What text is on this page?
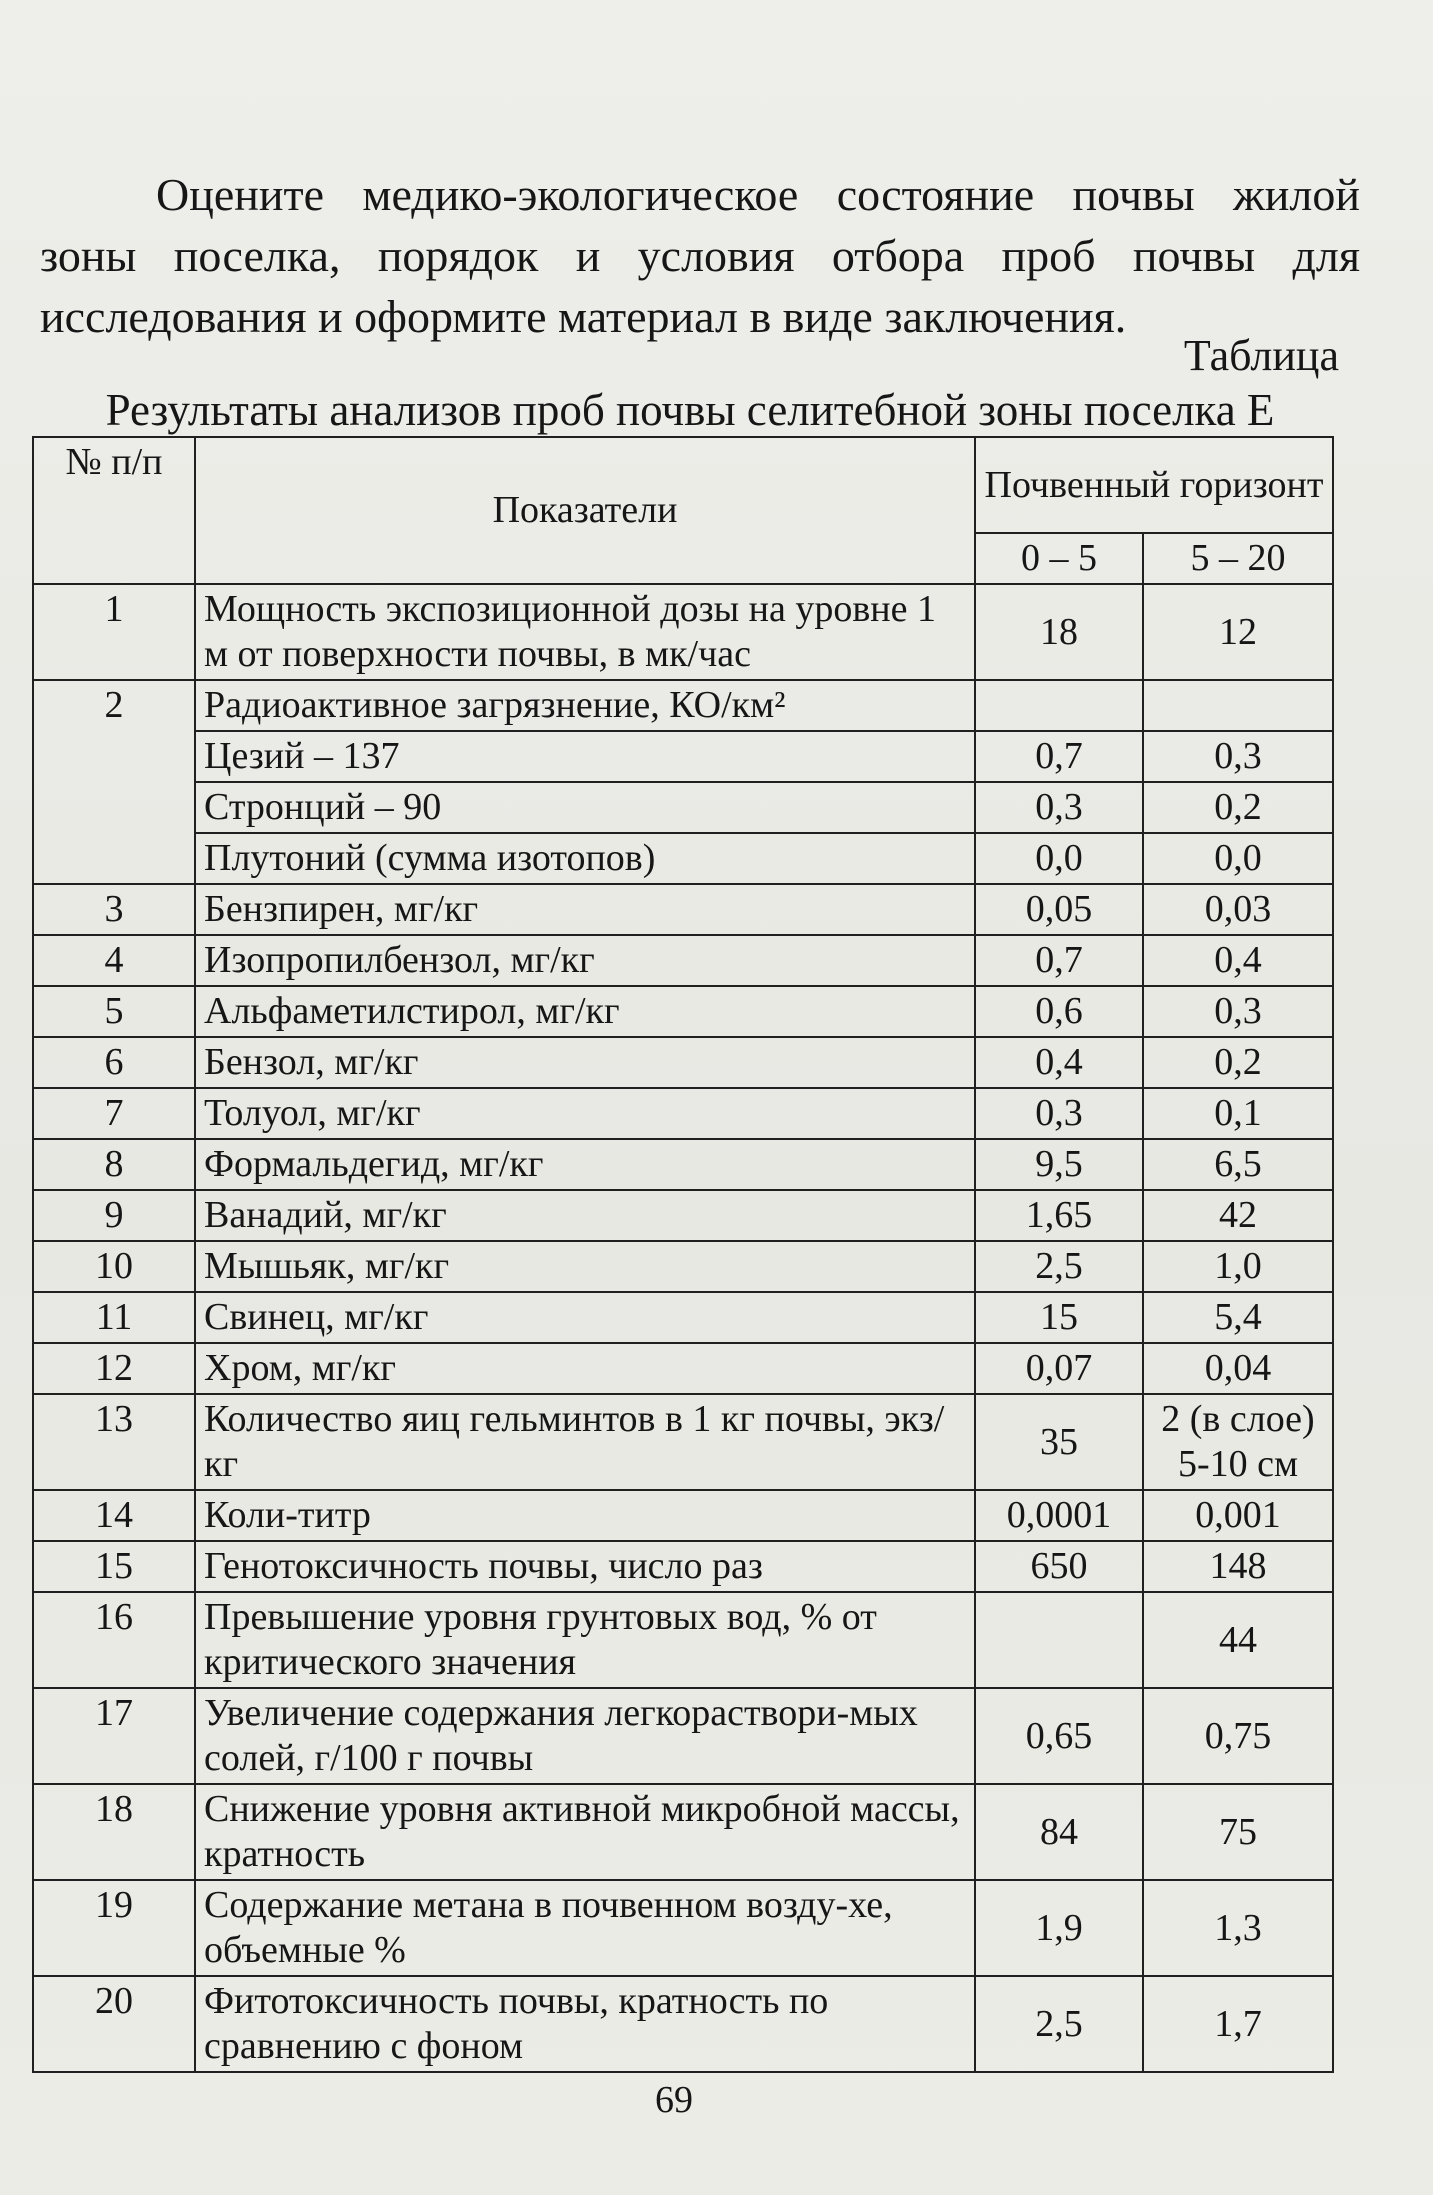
Оцените медико-экологическое состояние почвы жилой зоны поселка, порядок и условия отбора проб почвы для исследования и оформите материал в виде заключения.

Таблица
Результаты анализов проб почвы селитебной зоны поселка Е
№ п/п	Показатели	Почвенный горизонт	
		0 – 5	5 – 20
1	Мощность экспозиционной дозы на уровне 1 м от поверхности почвы, в мк/час	18	12
2	Радиоактивное загрязнение, КО/км²		
	Цезий – 137	0,7	0,3
	Стронций – 90	0,3	0,2
	Плутоний (сумма изотопов)	0,0	0,0
3	Бензпирен, мг/кг	0,05	0,03
4	Изопропилбензол, мг/кг	0,7	0,4
5	Альфаметилстирол, мг/кг	0,6	0,3
6	Бензол, мг/кг	0,4	0,2
7	Толуол, мг/кг	0,3	0,1
8	Формальдегид, мг/кг	9,5	6,5
9	Ванадий, мг/кг	1,65	42
10	Мышьяк, мг/кг	2,5	1,0
11	Свинец, мг/кг	15	5,4
12	Хром, мг/кг	0,07	0,04
13	Количество яиц гельминтов в 1 кг почвы, экз/кг	35	2 (в слое) 5-10 см
14	Коли-титр	0,0001	0,001
15	Генотоксичность почвы, число раз	650	148
16	Превышение уровня грунтовых вод, % от критического значения		44
17	Увеличение содержания легкораствори-мых солей, г/100 г почвы	0,65	0,75
18	Снижение уровня активной микробной массы, кратность	84	75
19	Содержание метана в почвенном возду-хе, объемные %	1,9	1,3
20	Фитотоксичность почвы, кратность по сравнению с фоном	2,5	1,7
69
